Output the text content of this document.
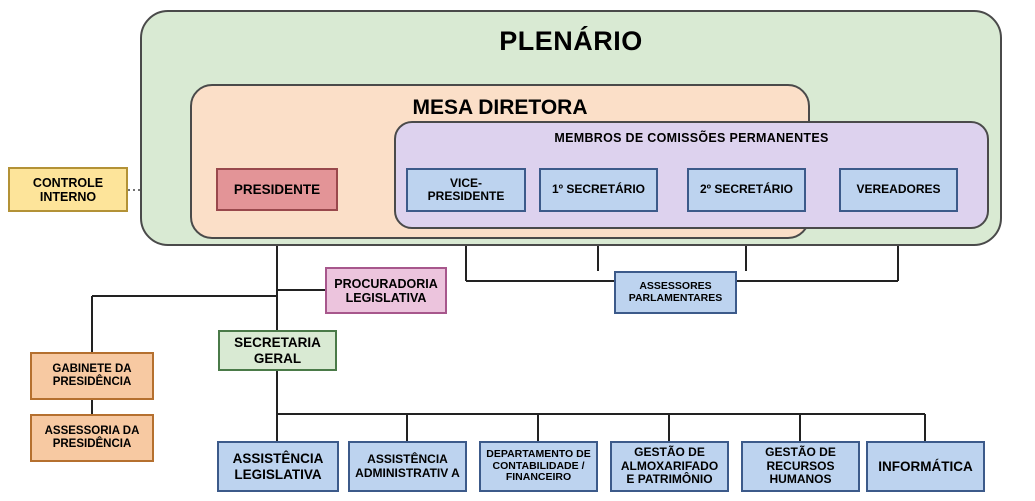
PLENÁRIO
MESA DIRETORA
MEMBROS DE COMISSÕES PERMANENTES
CONTROLE INTERNO	PRESIDENTE	VICE-PRESIDENTE	1º SECRETÁRIO	2º SECRETÁRIO	VEREADORES
PROCURADORIA LEGISLATIVA
ASSESSORES PARLAMENTARES
SECRETARIA GERAL
GABINETE DA PRESIDÊNCIA
ASSESSORIA DA PRESIDÊNCIA
ASSISTÊNCIA LEGISLATIVA
ASSISTÊNCIA ADMINISTRATIV A
DEPARTAMENTO DE CONTABILIDADE / FINANCEIRO
GESTÃO DE ALMOXARIFADO E PATRIMÔNIO
GESTÃO DE RECURSOS HUMANOS
INFORMÁTICA
